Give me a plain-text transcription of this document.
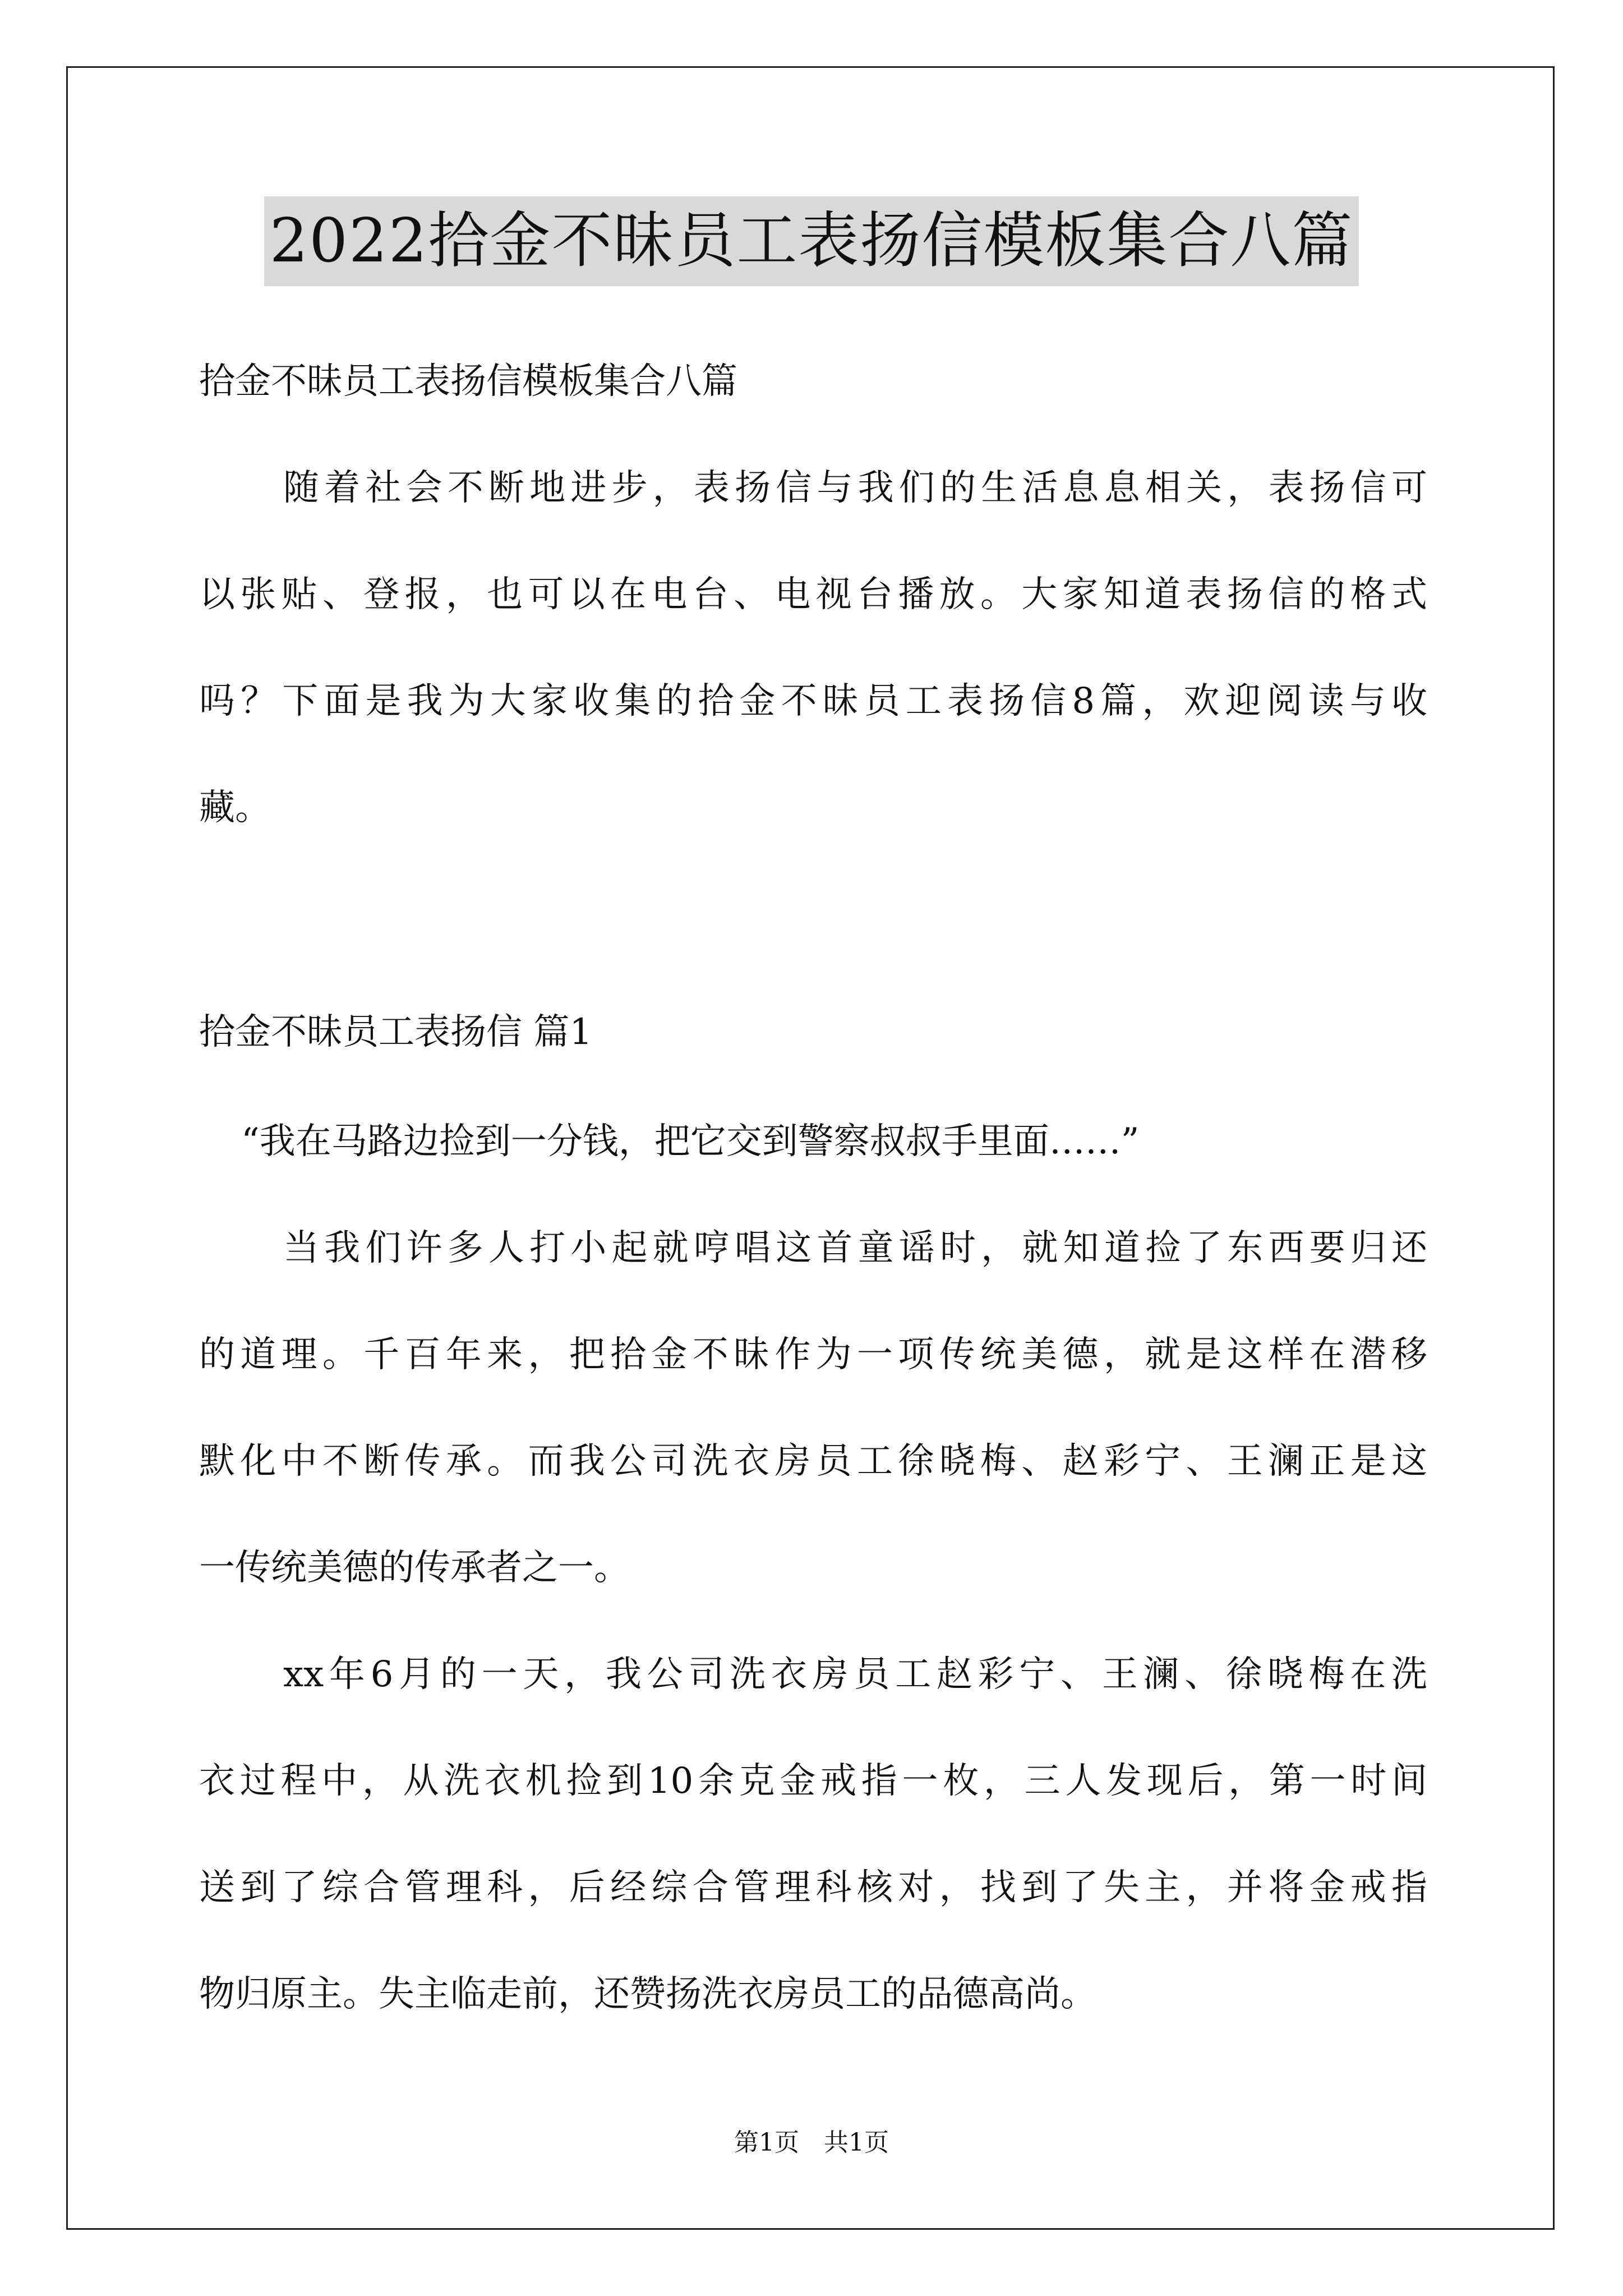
2022拾金不昧员工表扬信模板集合八篇
拾金不昧员工表扬信模板集合八篇
随着社会不断地进步，表扬信与我们的生活息息相关，表扬信可
以张贴、登报，也可以在电台、电视台播放。大家知道表扬信的格式
吗？下面是我为大家收集的拾金不昧员工表扬信8篇，欢迎阅读与收
藏。
拾金不昧员工表扬信 篇1
“我在马路边捡到一分钱，把它交到警察叔叔手里面……”
当我们许多人打小起就哼唱这首童谣时，就知道捡了东西要归还
的道理。千百年来，把拾金不昧作为一项传统美德，就是这样在潜移
默化中不断传承。而我公司洗衣房员工徐晓梅、赵彩宁、王澜正是这
一传统美德的传承者之一。
xx年6月的一天，我公司洗衣房员工赵彩宁、王澜、徐晓梅在洗
衣过程中，从洗衣机捡到10余克金戒指一枚，三人发现后，第一时间
送到了综合管理科，后经综合管理科核对，找到了失主，并将金戒指
物归原主。失主临走前，还赞扬洗衣房员工的品德高尚。
第1页　共1页
